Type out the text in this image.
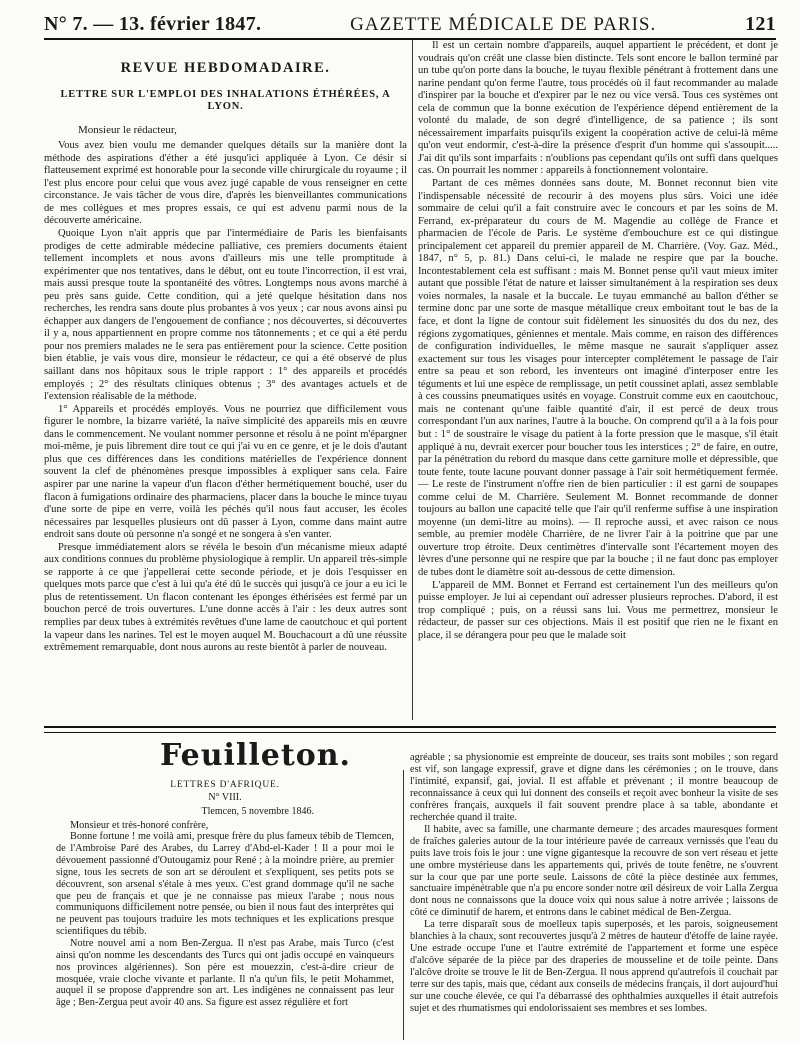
N° 7. — 13. février 1847.	GAZETTE MÉDICALE DE PARIS.	121
REVUE HEBDOMADAIRE.
LETTRE SUR L'EMPLOI DES INHALATIONS ÉTHÉRÉES, A LYON.

Monsieur le rédacteur,

Vous avez bien voulu me demander quelques détails sur la manière dont la méthode des aspirations d'éther a été jusqu'ici appliquée à Lyon. Ce désir si flatteusement exprimé est honorable pour la seconde ville chirurgicale du royaume ; il l'est plus encore pour celui que vous avez jugé capable de vous renseigner en cette circonstance. Je vais tâcher de vous dire, d'après les bienveillantes communications de mes collègues et mes propres essais, ce qui est advenu parmi nous de la découverte américaine.

Quoique Lyon n'ait appris que par l'intermédiaire de Paris les bienfaisants prodiges de cette admirable médecine palliative, ces premiers documents étaient tellement incomplets et nous avons d'ailleurs mis une telle promptitude à expérimenter que nos tentatives, dans le début, ont eu toute l'incorrection, il est vrai, mais aussi presque toute la spontanéité des vôtres. Longtemps nous avons marché à peu près sans guide. Cette condition, qui a jeté quelque hésitation dans nos recherches, les rendra sans doute plus probantes à vos yeux ; car nous avons ainsi pu échapper aux dangers de l'engouement de confiance ; nos découvertes, si découvertes il y a, nous appartiennent en propre comme nos tâtonnements ; et ce qui a été perdu pour nos premiers malades ne le sera pas entièrement pour la science. Cette position bien établie, je vais vous dire, monsieur le rédacteur, ce qui a été observé de plus saillant dans nos hôpitaux sous le triple rapport : 1° des appareils et procédés employés ; 2° des résultats cliniques obtenus ; 3° des avantages actuels et de l'extension réalisable de la méthode.

1° Appareils et procédés employés. Vous ne pourriez que difficilement vous figurer le nombre, la bizarre variété, la naïve simplicité des appareils mis en œuvre dans le commencement. Ne voulant nommer personne et résolu à ne point m'épargner moi-même, je puis librement dire tout ce qui j'ai vu en ce genre, et je le dois d'autant plus que ces différences dans les conditions matérielles de l'expérience donnent souvent la clef de phénomènes presque impossibles à expliquer sans cela. Faire aspirer par une narine la vapeur d'un flacon d'éther hermétiquement bouché, user du flacon à fumigations ordinaire des pharmaciens, placer dans la bouche le mince tuyau d'une sorte de pipe en verre, voilà les péchés qu'il nous faut accuser, les écoles nécessaires par lesquelles plusieurs ont dû passer à Lyon, comme dans maint autre endroit sans doute où personne n'a songé et ne songera à s'en vanter.

Presque immédiatement alors se révéla le besoin d'un mécanisme mieux adapté aux conditions connues du problème physiologique à remplir. Un appareil très-simple se rapporte à ce que j'appellerai cette seconde période, et je dois l'esquisser en quelques mots parce que c'est à lui qu'a été dû le succès qui jusqu'à ce jour a eu ici le plus de retentissement. Un flacon contenant les éponges éthérisées est fermé par un bouchon percé de trois ouvertures. L'une donne accès à l'air : les deux autres sont remplies par deux tubes à extrémités revêtues d'une lame de caoutchouc et qui portent la vapeur dans les narines. Tel est le moyen auquel M. Bouchacourt a dû une réussite extrêmement remarquable, dont nous aurons au reste bientôt à parler de nouveau.

Il est un certain nombre d'appareils, auquel appartient le précédent, et dont je voudrais qu'on créât une classe bien distincte. Tels sont encore le ballon terminé par un tube qu'on porte dans la bouche, le tuyau flexible pénétrant à frottement dans une narine pendant qu'on ferme l'autre, tous procédés où il faut recommander au malade d'inspirer par la bouche et d'expirer par le nez ou vice versâ. Tous ces systèmes ont cela de commun que la bonne exécution de l'expérience dépend entièrement de la volonté du malade, de son degré d'intelligence, de sa patience ; ils sont nécessairement imparfaits puisqu'ils exigent la coopération active de celui-là même qu'on veut endormir, c'est-à-dire la présence d'esprit d'un homme qui s'assoupit..... J'ai dit qu'ils sont imparfaits : n'oublions pas cependant qu'ils ont suffi dans quelques cas. On pourrait les nommer : appareils à fonctionnement volontaire.

Partant de ces mêmes données sans doute, M. Bonnet reconnut bien vite l'indispensable nécessité de recourir à des moyens plus sûrs. Voici une idée sommaire de celui qu'il a fait construire avec le concours et par les soins de M. Ferrand, ex-préparateur du cours de M. Magendie au collège de France et pharmacien de l'école de Paris. Le système d'embouchure est ce qui distingue principalement cet appareil du premier appareil de M. Charrière. (Voy. Gaz. Méd., 1847, n° 5, p. 81.) Dans celui-ci, le malade ne respire que par la bouche. Incontestablement cela est suffisant : mais M. Bonnet pense qu'il vaut mieux imiter autant que possible l'état de nature et laisser simultanément à la respiration ses deux voies normales, la nasale et la buccale. Le tuyau emmanché au ballon d'éther se termine donc par une sorte de masque métallique creux emboitant tout le bas de la face, et dont la ligne de contour suit fidèlement les sinuosités du dos du nez, des régions zygomatiques, géniennes et mentale. Mais comme, en raison des différences de configuration individuelles, le même masque ne saurait s'appliquer assez exactement sur tous les visages pour intercepter complétement le passage de l'air entre sa peau et son rebord, les inventeurs ont imaginé d'interposer entre les téguments et lui une espèce de remplissage, un petit coussinet aplati, assez semblable à ces coussins pneumatiques usités en voyage. Construit comme eux en caoutchouc, mais ne contenant qu'une faible quantité d'air, il est percé de deux trous correspondant l'un aux narines, l'autre à la bouche. On comprend qu'il a à la fois pour but : 1° de soustraire le visage du patient à la forte pression que le masque, s'il était appliqué à nu, devrait exercer pour boucher tous les interstices ; 2° de faire, en outre, par la pénétration du rebord du masque dans cette garniture molle et dépressible, que toute fente, toute lacune pouvant donner passage à l'air soit hermétiquement fermée. — Le reste de l'instrument n'offre rien de bien particulier : il est garni de soupapes comme celui de M. Charrière. Seulement M. Bonnet recommande de donner toujours au ballon une capacité telle que l'air qu'il renferme suffise à une inspiration moyenne (un demi-litre au moins). — Il reproche aussi, et avec raison ce nous semble, au premier modèle Charrière, de ne livrer l'air à la poitrine que par une ouverture trop étroite. Deux centimètres d'intervalle sont l'écartement moyen des lèvres d'une personne qui ne respire que par la bouche ; il ne faut donc pas employer de tubes dont le diamètre soit au-dessous de cette dimension.

L'appareil de MM. Bonnet et Ferrand est certainement l'un des meilleurs qu'on puisse employer. Je lui ai cependant ouï adresser plusieurs reproches. D'abord, il est trop compliqué ; puis, on a réussi sans lui. Vous me permettrez, monsieur le rédacteur, de passer sur ces objections. Mais il est positif que rien ne le fixant en place, il se dérangera pour peu que le malade soit

Feuilleton.
LETTRES D'AFRIQUE.
N° VIII.
Tlemcen, 5 novembre 1846.

Monsieur et très-honoré confrère,

Bonne fortune ! me voilà ami, presque frère du plus fameux tébib de Tlemcen, de l'Ambroise Paré des Arabes, du Larrey d'Abd-el-Kader ! Il a pour moi le dévouement passionné d'Outougamiz pour René ; à la moindre prière, au premier signe, tous les secrets de son art se déroulent et s'expliquent, ses petits pots se découvrent, son arsenal s'étale à mes yeux. C'est grand dommage qu'il ne sache que peu de français et que je ne connaisse pas mieux l'arabe ; nous nous communiquons difficilement notre pensée, ou bien il nous faut des interprètes qui ne peuvent pas toujours traduire les mots techniques et les explications presque scientifiques du tébib.

Notre nouvel ami a nom Ben-Zergua. Il n'est pas Arabe, mais Turco (c'est ainsi qu'on nomme les descendants des Turcs qui ont jadis occupé en vainqueurs nos provinces algériennes). Son père est mouezzin, c'est-à-dire crieur de mosquée, vraie cloche vivante et parlante. Il n'a qu'un fils, le petit Mohammet, auquel il se propose d'apprendre son art. Les indigènes ne connaissent pas leur âge ; Ben-Zergua peut avoir 40 ans. Sa figure est assez régulière et fort

agréable ; sa physionomie est empreinte de douceur, ses traits sont mobiles ; son regard est vif, son langage expressif, grave et digne dans les cérémonies ; on le trouve, dans l'intimité, expansif, gai, jovial. Il est affable et prévenant ; il montre beaucoup de reconnaissance à ceux qui lui donnent des conseils et reçoit avec bonheur la visite de ses confrères français, auxquels il fait souvent prendre place à sa table, abondante et recherchée quand il traite.

Il habite, avec sa famille, une charmante demeure ; des arcades mauresques forment de fraîches galeries autour de la tour intérieure pavée de carreaux vernissés que l'eau du puits lave trois fois le jour : une vigne gigantesque la recouvre de son vert réseau et jette une ombre mystérieuse dans les appartements qui, privés de toute fenêtre, ne s'ouvrent sur la cour que par une porte seule. Laissons de côté la pièce destinée aux femmes, sanctuaire impénétrable que n'a pu encore sonder notre œil désireux de voir Lalla Zergua dont nous ne connaissons que la douce voix qui nous salue à notre arrivée ; laissons de côté ce diminutif de harem, et entrons dans le cabinet médical de Ben-Zergua.

La terre disparaît sous de moelleux tapis superposés, et les parois, soigneusement blanchies à la chaux, sont recouvertes jusqu'à 2 mètres de hauteur d'étoffe de laine rayée. Une estrade occupe l'une et l'autre extrémité de l'appartement et forme une espèce d'alcôve séparée de la pièce par des draperies de mousseline et de toile peinte. Dans l'alcôve droite se trouve le lit de Ben-Zergua. Il nous apprend qu'autrefois il couchait par terre sur des tapis, mais que, cédant aux conseils de médecins français, il dort aujourd'hui sur une couche élevée, ce qui l'a débarrassé des ophthalmies auxquelles il était autrefois sujet et des rhumatismes qui endolorissaient ses membres et ses lombes.
